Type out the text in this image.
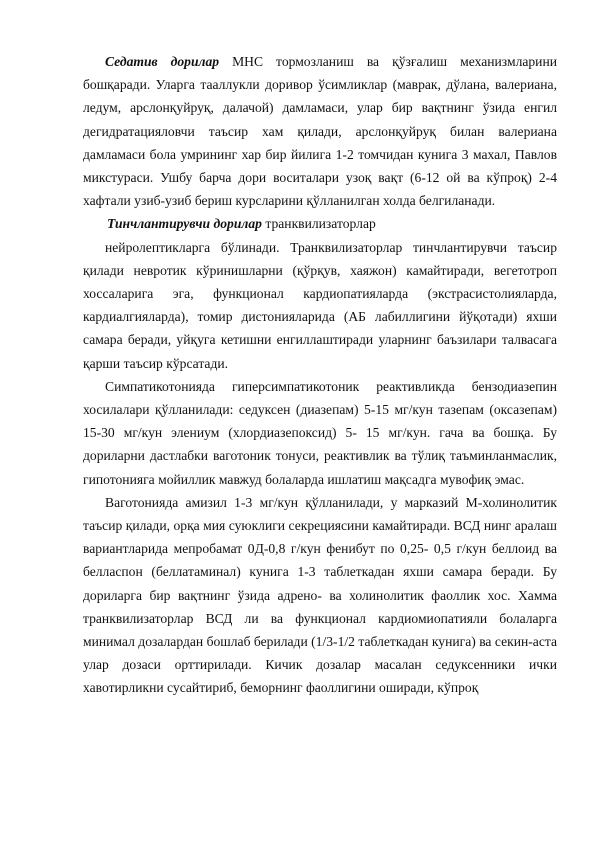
Седатив дорилар МНС тормозланиш ва қўзғалиш механизмларини бошқаради. Уларга тааллукли доривор ўсимликлар (маврак, дўлана, валериана, ледум, арслонқуйруқ, далачой) дамламаси, улар бир вақтнинг ўзида енгил дегидратацияловчи таъсир хам қилади, арслонқуйруқ билан валериана дамламаси бола умрининг хар бир йилига 1-2 томчидан кунига 3 махал, Павлов микстураси. Ушбу барча дори воситалари узоқ вақт (6-12 ой ва кўпроқ) 2-4 хафтали узиб-узиб бериш курсларини қўлланилган холда белгиланади.

Тинчлантирувчи дорилар транквилизаторлар

нейролептикларга бўлинади. Транквилизаторлар тинчлантирувчи таъсир қилади невротик кўринишларни (қўрқув, хаяжон) камайтиради, вегетотроп хоссаларига эга, функционал кардиопатияларда (экстрасистолияларда, кардиалгияларда), томир дистонияларида (АБ лабиллигини йўқотади) яхши самара беради, уйқуга кетишни енгиллаштиради уларнинг баъзилари талвасага қарши таъсир кўрсатади.

Симпатикотонияда гиперсимпатикотоник реактивликда бензодиазепин хосилалари қўлланилади: седуксен (диазепам) 5-15 мг/кун тазепам (оксазепам) 15-30 мг/кун элениум (хлордиазепоксид) 5- 15 мг/кун. гача ва бошқа. Бу дориларни дастлабки ваготоник тонуси, реактивлик ва тўлиқ таъминланмаслик, гипотонияга мойиллик мавжуд болаларда ишлатиш мақсадга мувофиқ эмас.

Ваготонияда амизил 1-3 мг/кун қўлланилади, у марказий М-холинолитик таъсир қилади, орқа мия суюклиги секрециясини камайтиради. ВСД нинг аралаш вариантларида мепробамат 0Д-0,8 г/кун фенибут по 0,25- 0,5 г/кун беллоид ва белласпон (беллатаминал) кунига 1-3 таблеткадан яхши самара беради. Бу дориларга бир вақтнинг ўзида адрено- ва холинолитик фаоллик хос. Хамма транквилизаторлар ВСД ли ва функционал кардиомиопатияли болаларга минимал дозалардан бошлаб берилади (1/3-1/2 таблеткадан кунига) ва секин-аста улар дозаси орттирилади. Кичик дозалар масалан седуксенники ички хавотирликни сусайтириб, беморнинг фаоллигини оширади, кўпроқ
